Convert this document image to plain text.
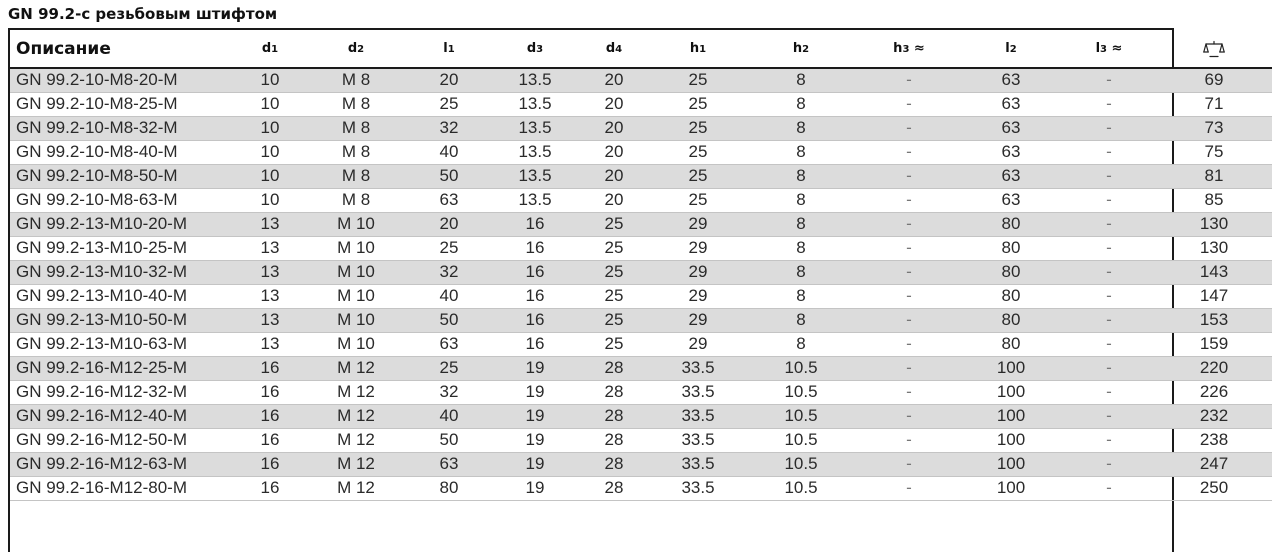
GN 99.2-с резьбовым штифтом
Описание	d1	d2	l1	d3	d4	h1	h2	h3 ≈	l2	l3 ≈	
GN 99.2-10-M8-20-M	10	M 8	20	13.5	20	25	8	-	63	-	69
GN 99.2-10-M8-25-M	10	M 8	25	13.5	20	25	8	-	63	-	71
GN 99.2-10-M8-32-M	10	M 8	32	13.5	20	25	8	-	63	-	73
GN 99.2-10-M8-40-M	10	M 8	40	13.5	20	25	8	-	63	-	75
GN 99.2-10-M8-50-M	10	M 8	50	13.5	20	25	8	-	63	-	81
GN 99.2-10-M8-63-M	10	M 8	63	13.5	20	25	8	-	63	-	85
GN 99.2-13-M10-20-M	13	M 10	20	16	25	29	8	-	80	-	130
GN 99.2-13-M10-25-M	13	M 10	25	16	25	29	8	-	80	-	130
GN 99.2-13-M10-32-M	13	M 10	32	16	25	29	8	-	80	-	143
GN 99.2-13-M10-40-M	13	M 10	40	16	25	29	8	-	80	-	147
GN 99.2-13-M10-50-M	13	M 10	50	16	25	29	8	-	80	-	153
GN 99.2-13-M10-63-M	13	M 10	63	16	25	29	8	-	80	-	159
GN 99.2-16-M12-25-M	16	M 12	25	19	28	33.5	10.5	-	100	-	220
GN 99.2-16-M12-32-M	16	M 12	32	19	28	33.5	10.5	-	100	-	226
GN 99.2-16-M12-40-M	16	M 12	40	19	28	33.5	10.5	-	100	-	232
GN 99.2-16-M12-50-M	16	M 12	50	19	28	33.5	10.5	-	100	-	238
GN 99.2-16-M12-63-M	16	M 12	63	19	28	33.5	10.5	-	100	-	247
GN 99.2-16-M12-80-M	16	M 12	80	19	28	33.5	10.5	-	100	-	250
